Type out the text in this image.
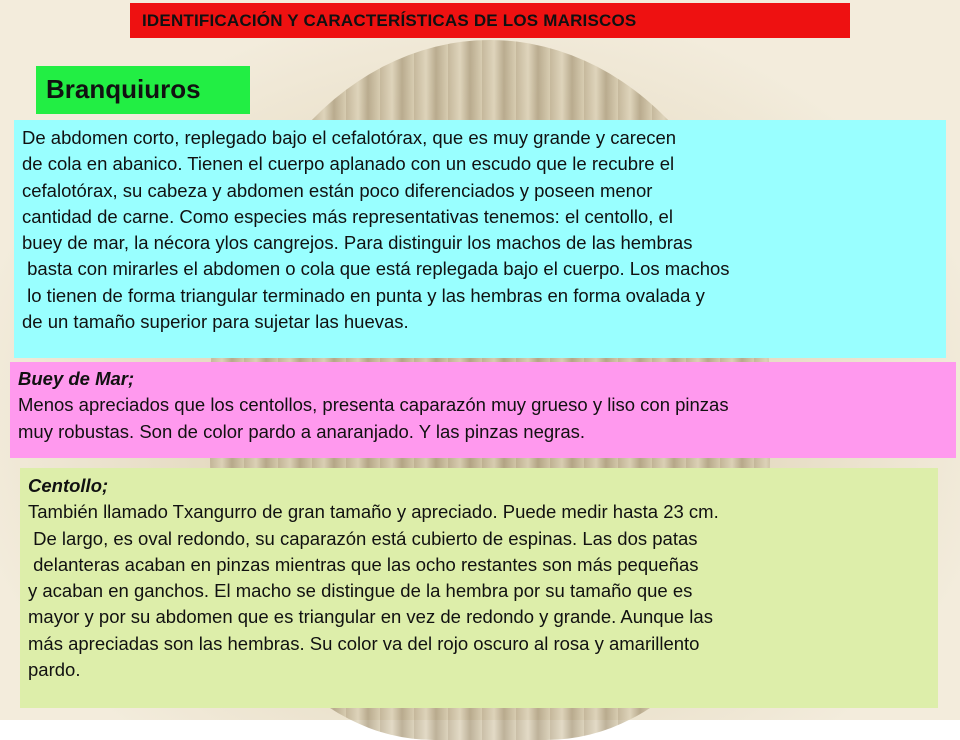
IDENTIFICACIÓN Y CARACTERÍSTICAS DE LOS MARISCOS
Branquiuros
De abdomen corto, replegado bajo el cefalotórax, que es muy grande y carecen
de cola en abanico. Tienen el cuerpo aplanado con un escudo que le recubre el
cefalotórax, su cabeza y abdomen están poco diferenciados y poseen menor
cantidad de carne. Como especies más representativas tenemos: el centollo, el
buey de mar, la nécora ylos cangrejos. Para distinguir los machos de las hembras
basta con mirarles el abdomen o cola que está replegada bajo el cuerpo. Los machos
lo tienen de forma triangular terminado en punta y las hembras en forma ovalada y
de un tamaño superior para sujetar las huevas.
Buey de Mar;
Menos apreciados que los centollos, presenta caparazón muy grueso y liso con pinzas
muy robustas. Son de color pardo a anaranjado. Y las pinzas negras.
Centollo;
También llamado Txangurro de gran tamaño y apreciado. Puede medir hasta 23 cm.
De largo, es oval redondo, su caparazón está cubierto de espinas. Las dos patas
delanteras acaban en pinzas mientras que las ocho restantes son más pequeñas
y acaban en ganchos. El macho se distingue de la hembra por su tamaño que es
mayor y por su abdomen que es triangular en vez de redondo y grande. Aunque las
más apreciadas son las hembras. Su color va del rojo oscuro al rosa y amarillento
pardo.
